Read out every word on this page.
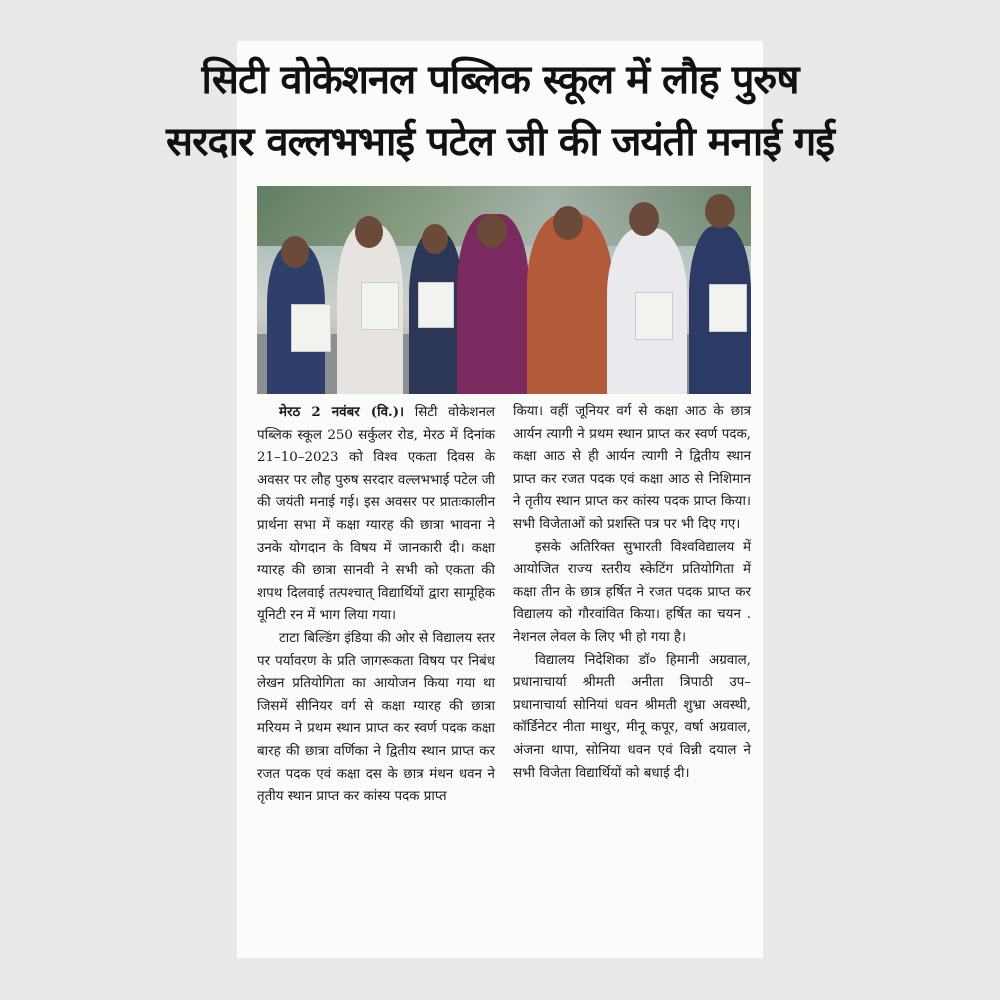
सिटी वोकेशनल पब्लिक स्कूल में लौह पुरुष
सरदार वल्लभभाई पटेल जी की जयंती मनाई गई

मेरठ 2 नवंबर (वि.)। सिटी वोकेशनल पब्लिक स्कूल 250 सर्कुलर रोड, मेरठ में दिनांक 21–10–2023 को विश्व एकता दिवस के अवसर पर लौह पुरुष सरदार वल्लभभाई पटेल जी की जयंती मनाई गई। इस अवसर पर प्रातःकालीन प्रार्थना सभा में कक्षा ग्यारह की छात्रा भावना ने उनके योगदान के विषय में जानकारी दी। कक्षा ग्यारह की छात्रा सानवी ने सभी को एकता की शपथ दिलवाई तत्पश्चात् विद्यार्थियों द्वारा सामूहिक यूनिटी रन में भाग लिया गया।

टाटा बिल्डिंग इंडिया की ओर से विद्यालय स्तर पर पर्यावरण के प्रति जागरूकता विषय पर निबंध लेखन प्रतियोगिता का आयोजन किया गया था जिसमें सीनियर वर्ग से कक्षा ग्यारह की छात्रा मरियम ने प्रथम स्थान प्राप्त कर स्वर्ण पदक कक्षा बारह की छात्रा वर्णिका ने द्वितीय स्थान प्राप्त कर रजत पदक एवं कक्षा दस के छात्र मंथन धवन ने तृतीय स्थान प्राप्त कर कांस्य पदक प्राप्त

किया। वहीं जूनियर वर्ग से कक्षा आठ के छात्र आर्यन त्यागी ने प्रथम स्थान प्राप्त कर स्वर्ण पदक, कक्षा आठ से ही आर्यन त्यागी ने द्वितीय स्थान प्राप्त कर रजत पदक एवं कक्षा आठ से निशिमान ने तृतीय स्थान प्राप्त कर कांस्य पदक प्राप्त किया। सभी विजेताओं को प्रशस्ति पत्र पर भी दिए गए।

इसके अतिरिक्त सुभारती विश्वविद्यालय में आयोजित राज्य स्तरीय स्केटिंग प्रतियोगिता में कक्षा तीन के छात्र हर्षित ने रजत पदक प्राप्त कर विद्यालय को गौरवांवित किया। हर्षित का चयन . नेशनल लेवल के लिए भी हो गया है।

विद्यालय निदेशिका डॉ० हिमानी अग्रवाल, प्रधानाचार्या श्रीमती अनीता त्रिपाठी उप–प्रधानाचार्या सोनियां धवन श्रीमती शुभ्रा अवस्थी, कॉर्डिनेटर नीता माथुर, मीनू कपूर, वर्षा अग्रवाल, अंजना थापा, सोनिया धवन एवं विन्नी दयाल ने सभी विजेता विद्यार्थियों को बधाई दी।
